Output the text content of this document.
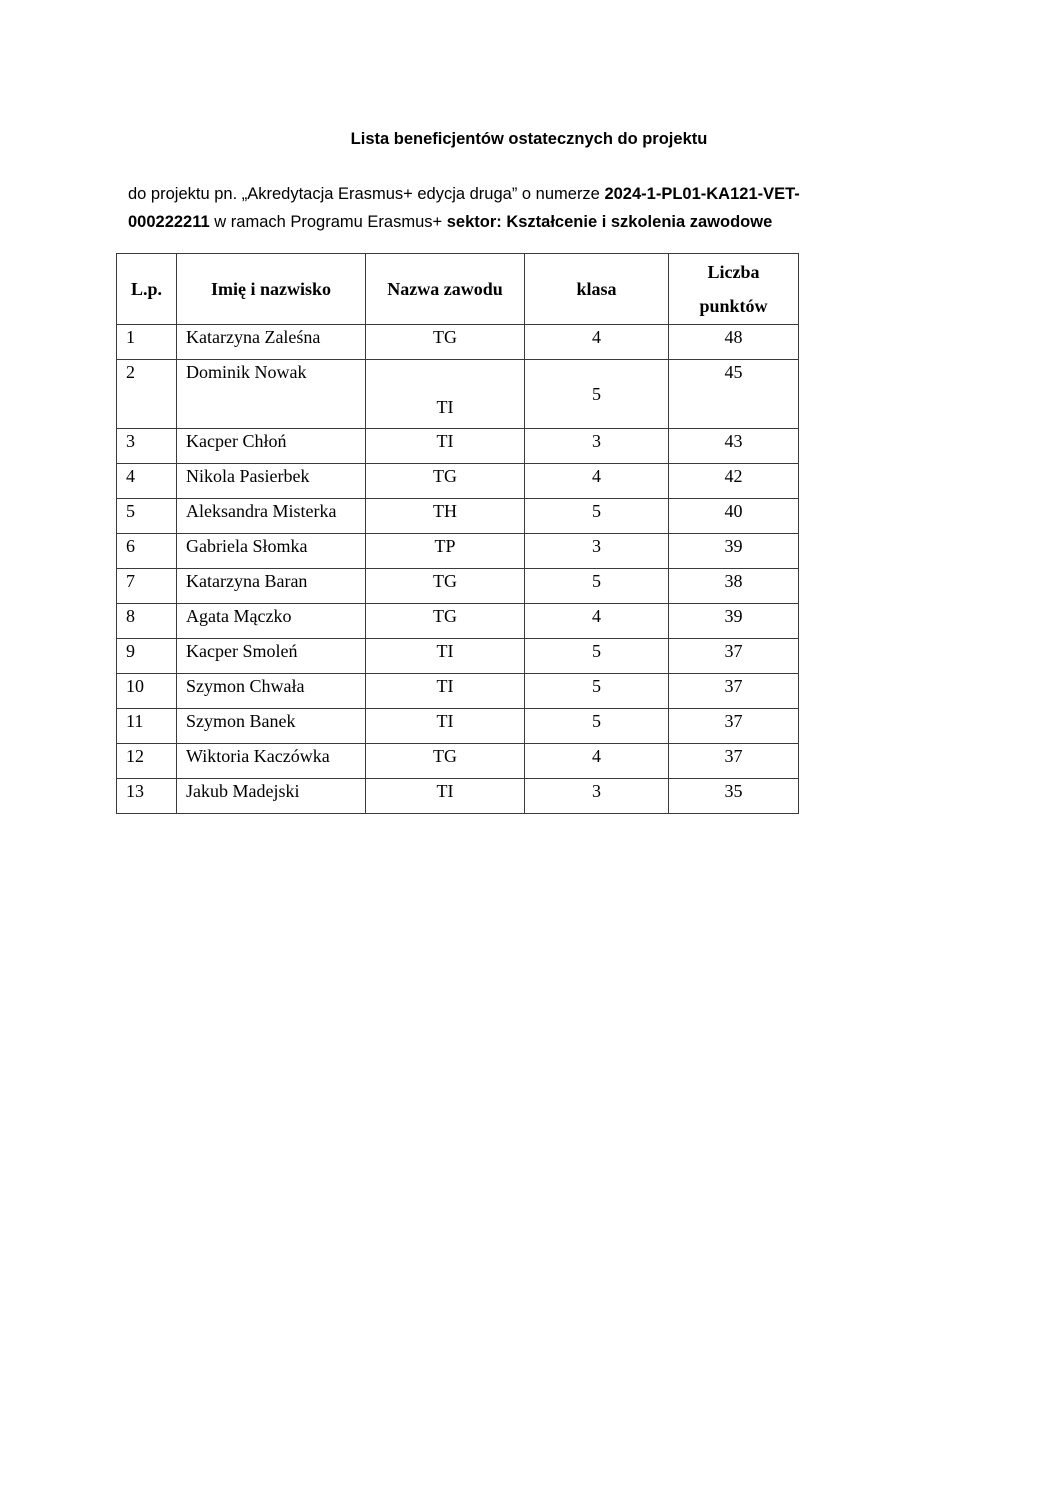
Lista beneficjentów ostatecznych do projektu
do projektu pn. „Akredytacja Erasmus+ edycja druga” o numerze 2024-1-PL01-KA121-VET-000222211 w ramach Programu Erasmus+ sektor: Kształcenie i szkolenia zawodowe
L.p.	Imię i nazwisko	Nazwa zawodu	klasa	Liczba
punktów
1	Katarzyna Zaleśna	TG	4	48
2	Dominik Nowak	TI	5	45
3	Kacper Chłoń	TI	3	43
4	Nikola Pasierbek	TG	4	42
5	Aleksandra Misterka	TH	5	40
6	Gabriela Słomka	TP	3	39
7	Katarzyna Baran	TG	5	38
8	Agata Mączko	TG	4	39
9	Kacper Smoleń	TI	5	37
10	Szymon Chwała	TI	5	37
11	Szymon Banek	TI	5	37
12	Wiktoria Kaczówka	TG	4	37
13	Jakub Madejski	TI	3	35
